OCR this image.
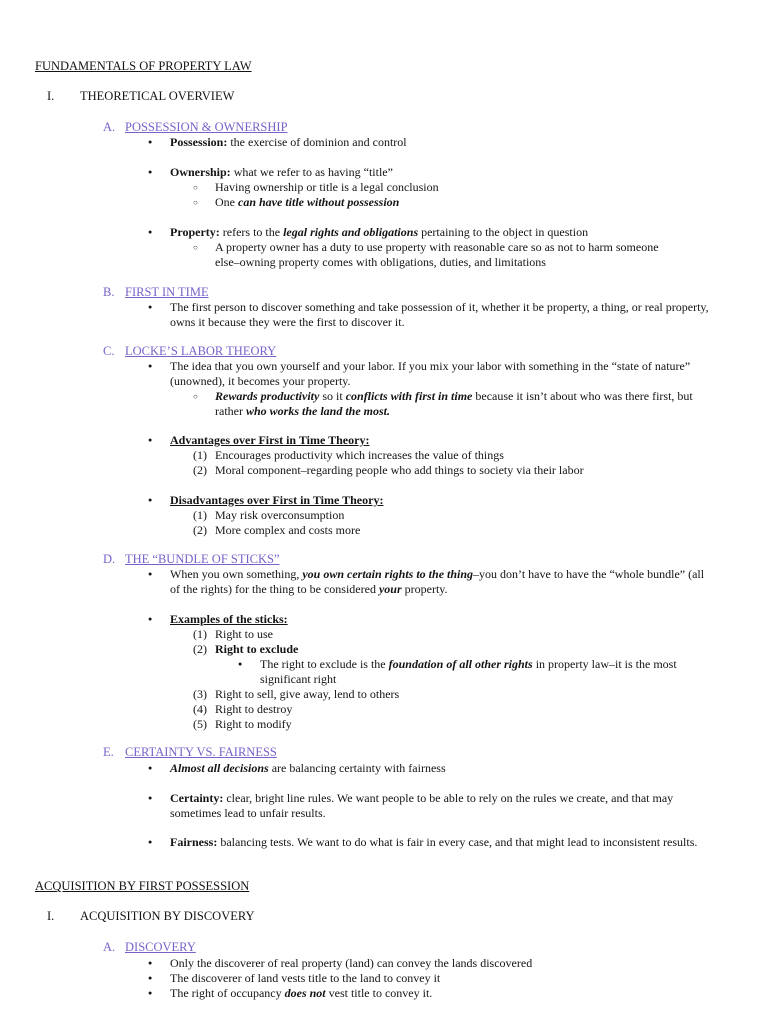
FUNDAMENTALS OF PROPERTY LAW
I. THEORETICAL OVERVIEW
A. POSSESSION & OWNERSHIP
●Possession: the exercise of dominion and control
●Ownership: what we refer to as having “title”
○Having ownership or title is a legal conclusion
○One can have title without possession
●Property: refers to the legal rights and obligations pertaining to the object in question
○A property owner has a duty to use property with reasonable care so as not to harm someone
else–owning property comes with obligations, duties, and limitations
B. FIRST IN TIME
●The first person to discover something and take possession of it, whether it be property, a thing, or real property,
owns it because they were the first to discover it.
C. LOCKE’S LABOR THEORY
●The idea that you own yourself and your labor. If you mix your labor with something in the “state of nature”
(unowned), it becomes your property.
○Rewards productivity so it conflicts with first in time because it isn’t about who was there first, but
rather who works the land the most.
●Advantages over First in Time Theory:
(1) Encourages productivity which increases the value of things
(2) Moral component–regarding people who add things to society via their labor
●Disadvantages over First in Time Theory:
(1) May risk overconsumption
(2) More complex and costs more
D. THE “BUNDLE OF STICKS”
●When you own something, you own certain rights to the thing–you don’t have to have the “whole bundle” (all
of the rights) for the thing to be considered your property.
●Examples of the sticks:
(1) Right to use
(2) Right to exclude
●The right to exclude is the foundation of all other rights in property law–it is the most
significant right
(3) Right to sell, give away, lend to others
(4) Right to destroy
(5) Right to modify
E. CERTAINTY VS. FAIRNESS
●Almost all decisions are balancing certainty with fairness
●Certainty: clear, bright line rules. We want people to be able to rely on the rules we create, and that may
sometimes lead to unfair results.
●Fairness: balancing tests. We want to do what is fair in every case, and that might lead to inconsistent results.
ACQUISITION BY FIRST POSSESSION
I. ACQUISITION BY DISCOVERY
A. DISCOVERY
●Only the discoverer of real property (land) can convey the lands discovered
●The discoverer of land vests title to the land to convey it
●The right of occupancy does not vest title to convey it.
